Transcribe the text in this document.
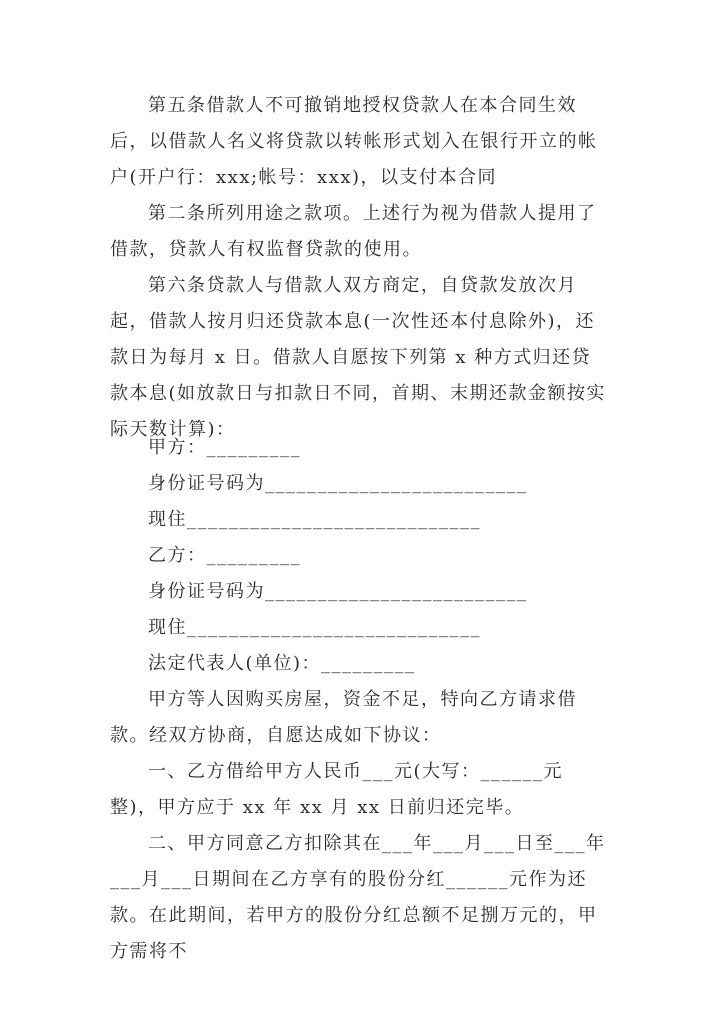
第五条借款人不可撤销地授权贷款人在本合同生效后，以借款人名义将贷款以转帐形式划入在银行开立的帐户(开户行：xxx;帐号：xxx)，以支付本合同

第二条所列用途之款项。上述行为视为借款人提用了借款，贷款人有权监督贷款的使用。

第六条贷款人与借款人双方商定，自贷款发放次月起，借款人按月归还贷款本息(一次性还本付息除外)，还款日为每月 x 日。借款人自愿按下列第 x 种方式归还贷款本息(如放款日与扣款日不同，首期、末期还款金额按实际天数计算)：

甲方：_________

身份证号码为_________________________

现住____________________________

乙方：_________

身份证号码为_________________________

现住____________________________

法定代表人(单位)：_________

甲方等人因购买房屋，资金不足，特向乙方请求借款。经双方协商，自愿达成如下协议：

一、乙方借给甲方人民币___元(大写：______元整)，甲方应于 xx 年 xx 月 xx 日前归还完毕。

二、甲方同意乙方扣除其在___年___月___日至___年___月___日期间在乙方享有的股份分红______元作为还款。在此期间，若甲方的股份分红总额不足捌万元的，甲方需将不
